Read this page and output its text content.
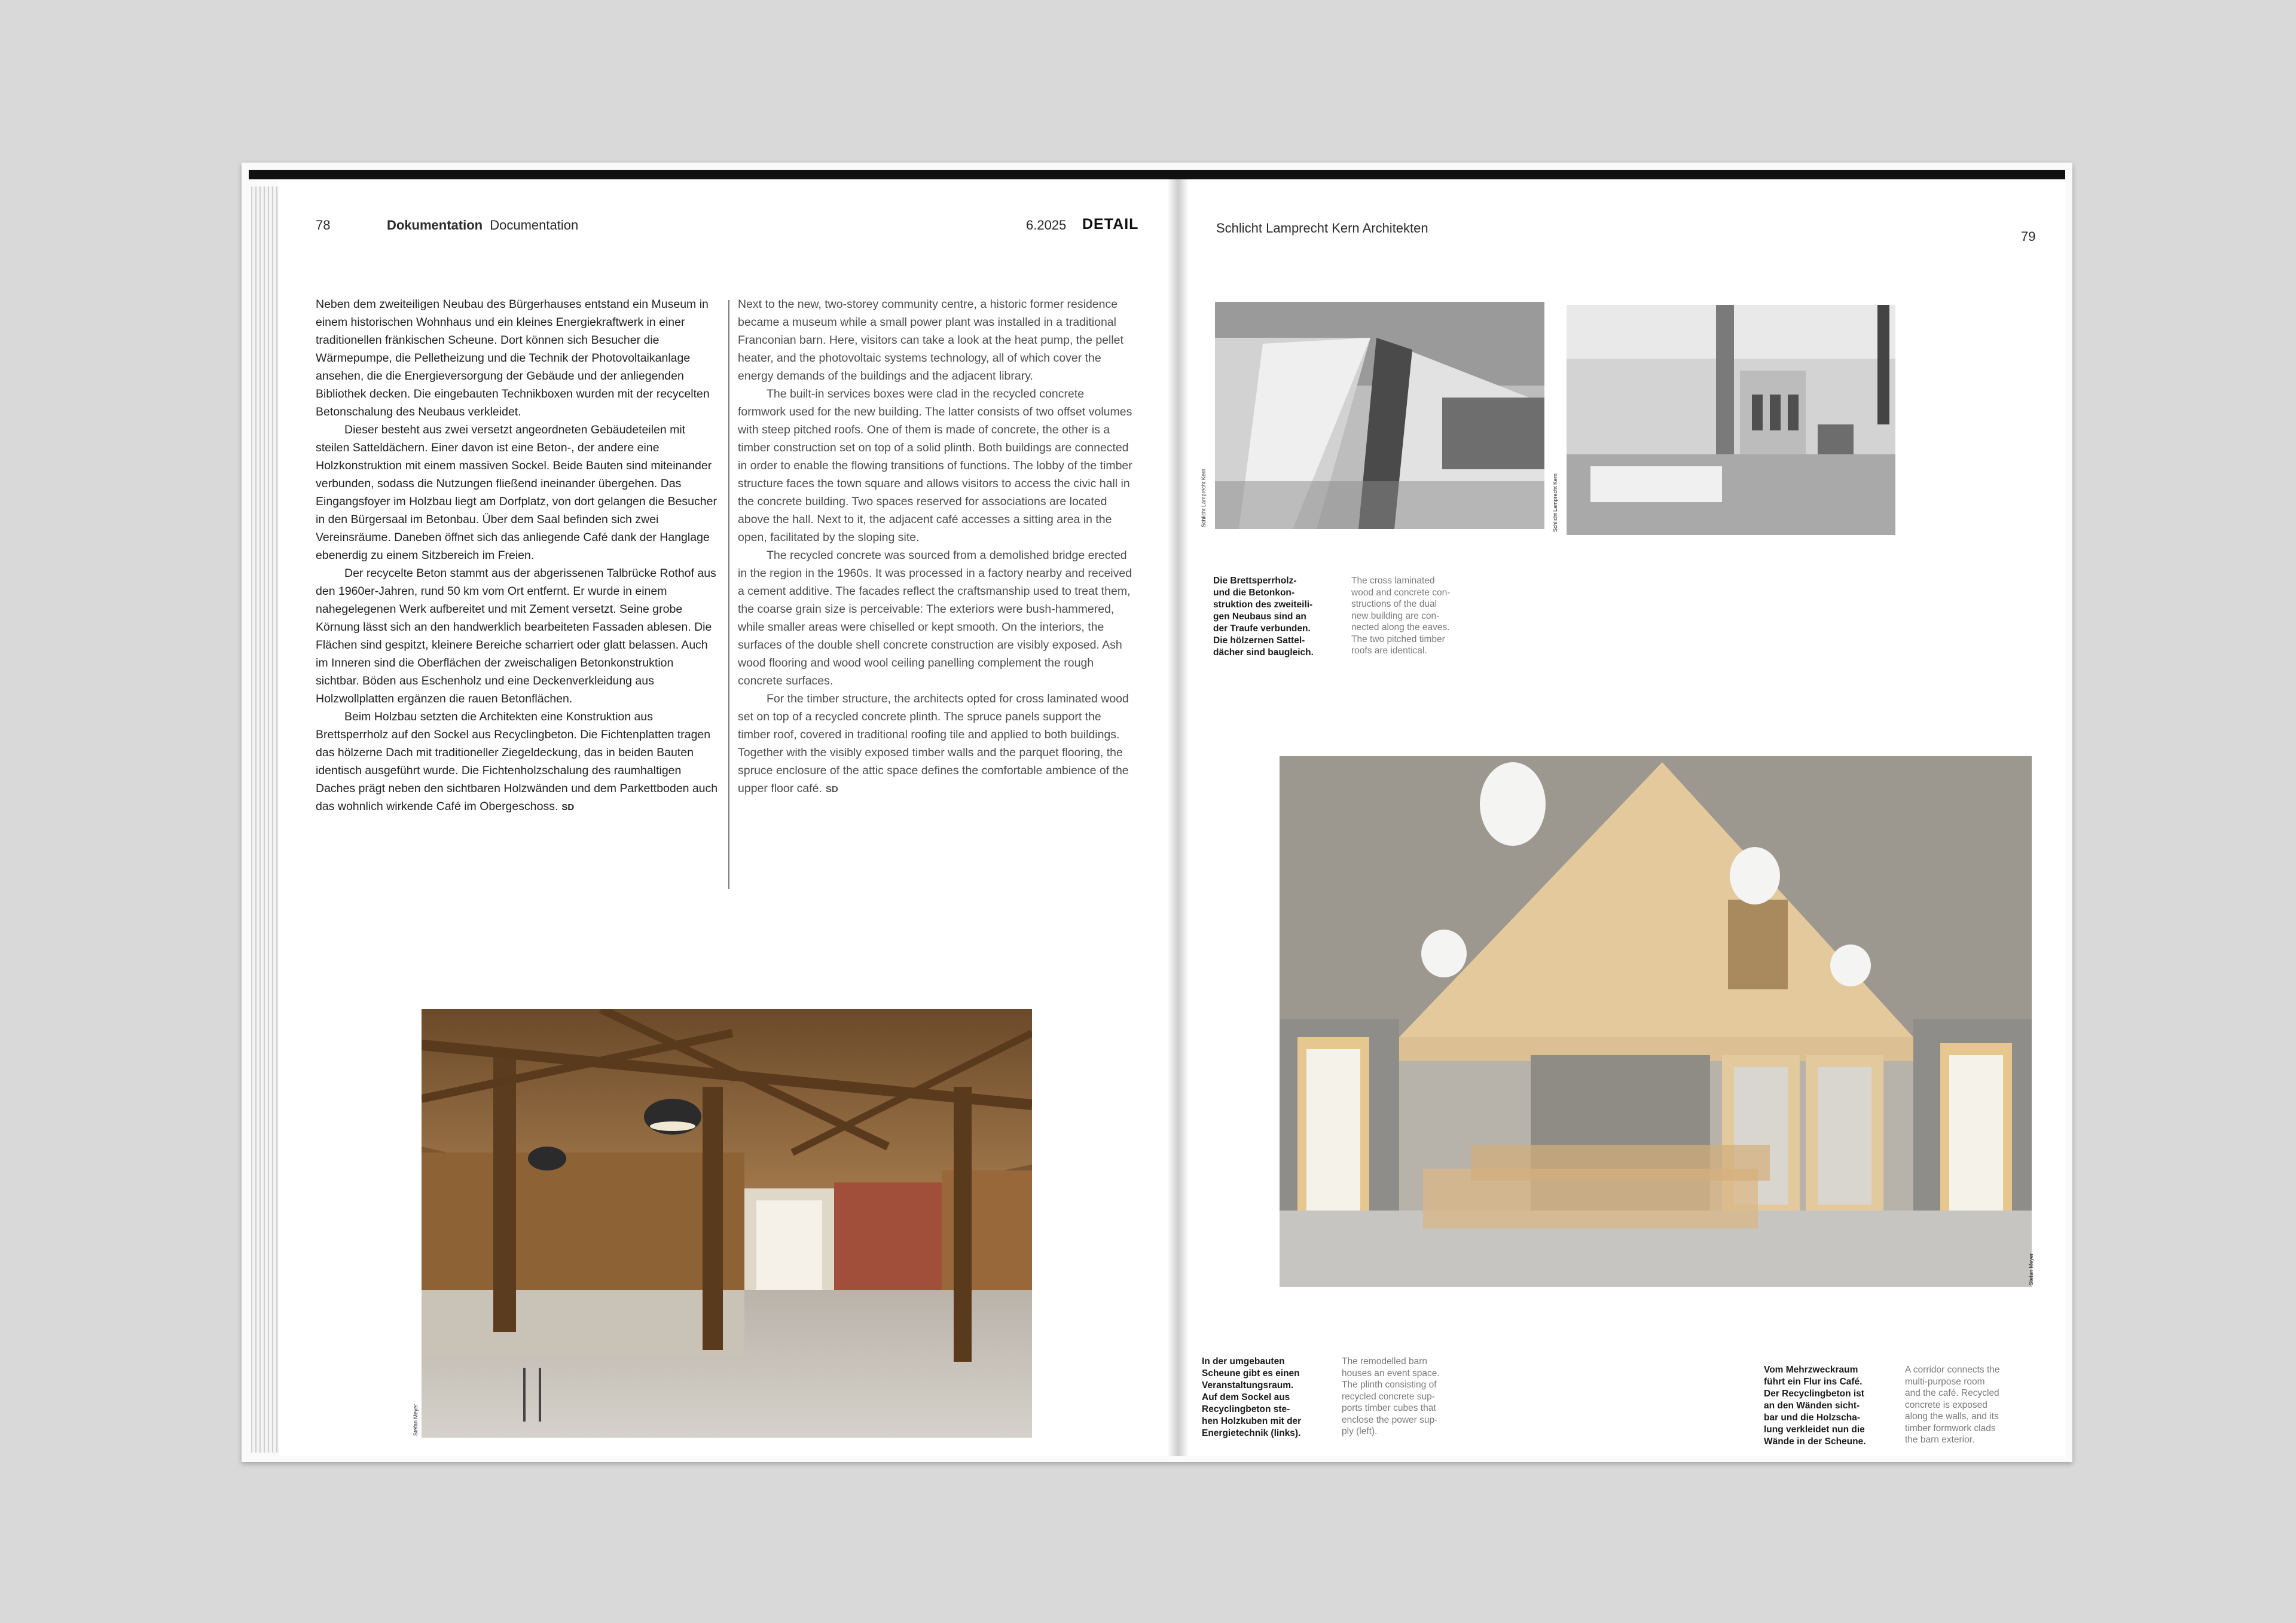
78	Dokumentation Documentation	6.2025 DETAIL

Neben dem zweiteiligen Neubau des Bürgerhauses entstand ein Museum in einem historischen Wohnhaus und ein kleines Energiekraftwerk in einer traditionellen fränkischen Scheune. Dort können sich Besucher die Wärmepumpe, die Pelletheizung und die Technik der Photovoltaikanlage ansehen, die die Energieversorgung der Gebäude und der anliegenden Bibliothek decken. Die eingebauten Technikboxen wurden mit der recycelten Betonschalung des Neubaus verkleidet.

Dieser besteht aus zwei versetzt angeordneten Gebäudeteilen mit steilen Satteldächern. Einer davon ist eine Beton-, der andere eine Holzkonstruktion mit einem massiven Sockel. Beide Bauten sind miteinander verbunden, sodass die Nutzungen fließend ineinander übergehen. Das Eingangsfoyer im Holzbau liegt am Dorfplatz, von dort gelangen die Besucher in den Bürgersaal im Betonbau. Über dem Saal befinden sich zwei Vereinsräume. Daneben öffnet sich das anliegende Café dank der Hanglage ebenerdig zu einem Sitzbereich im Freien.

Der recycelte Beton stammt aus der abgerissenen Talbrücke Rothof aus den 1960er-Jahren, rund 50 km vom Ort entfernt. Er wurde in einem nahegelegenen Werk aufbereitet und mit Zement versetzt. Seine grobe Körnung lässt sich an den handwerklich bearbeiteten Fassaden ablesen. Die Flächen sind gespitzt, kleinere Bereiche scharriert oder glatt belassen. Auch im Inneren sind die Oberflächen der zweischaligen Betonkonstruktion sichtbar. Böden aus Eschenholz und eine Deckenverkleidung aus Holzwollplatten ergänzen die rauen Betonflächen.

Beim Holzbau setzten die Architekten eine Konstruktion aus Brettsperrholz auf den Sockel aus Recyclingbeton. Die Fichtenplatten tragen das hölzerne Dach mit traditioneller Ziegeldeckung, das in beiden Bauten identisch ausgeführt wurde. Die Fichtenholzschalung des raumhaltigen Daches prägt neben den sichtbaren Holzwänden und dem Parkettboden auch das wohnlich wirkende Café im Obergeschoss. SD

Next to the new, two-storey community centre, a historic former residence became a museum while a small power plant was installed in a traditional Franconian barn. Here, visitors can take a look at the heat pump, the pellet heater, and the photovoltaic systems technology, all of which cover the energy demands of the buildings and the adjacent library.

The built-in services boxes were clad in the recycled concrete formwork used for the new building. The latter consists of two offset volumes with steep pitched roofs. One of them is made of concrete, the other is a timber construction set on top of a solid plinth. Both buildings are connected in order to enable the flowing transitions of functions. The lobby of the timber structure faces the town square and allows visitors to access the civic hall in the concrete building. Two spaces reserved for associations are located above the hall. Next to it, the adjacent café accesses a sitting area in the open, facilitated by the sloping site.

The recycled concrete was sourced from a demolished bridge erected in the region in the 1960s. It was processed in a factory nearby and received a cement additive. The facades reflect the craftsmanship used to treat them, the coarse grain size is perceivable: The exteriors were bush-hammered, while smaller areas were chiselled or kept smooth. On the interiors, the surfaces of the double shell concrete construction are visibly exposed. Ash wood flooring and wood wool ceiling panelling complement the rough concrete surfaces.

For the timber structure, the architects opted for cross laminated wood set on top of a recycled concrete plinth. The spruce panels support the timber roof, covered in traditional roofing tile and applied to both buildings. Together with the visibly exposed timber walls and the parquet flooring, the spruce enclosure of the attic space defines the comfortable ambience of the upper floor café. SD

Stefan Meyer
In der umgebauten
Scheune gibt es einen
Veranstaltungsraum.
Auf dem Sockel aus
Recyclingbeton ste-
hen Holzkuben mit der
Energietechnik (links).
The remodelled barn
houses an event space.
The plinth consisting of
recycled concrete sup-
ports timber cubes that
enclose the power sup-
ply (left).
Schlicht Lamprecht Kern Architekten
79
Schlicht Lamprecht Kern	Schlicht Lamprecht Kern
Die Brettsperrholz-
und die Betonkon-
struktion des zweiteili-
gen Neubaus sind an
der Traufe verbunden.
Die hölzernen Sattel-
dächer sind baugleich.
The cross laminated
wood and concrete con-
structions of the dual
new building are con-
nected along the eaves.
The two pitched timber
roofs are identical.
Stefan Meyer
Vom Mehrzweckraum
führt ein Flur ins Café.
Der Recyclingbeton ist
an den Wänden sicht-
bar und die Holzscha-
lung verkleidet nun die
Wände in der Scheune.
A corridor connects the
multi-purpose room
and the café. Recycled
concrete is exposed
along the walls, and its
timber formwork clads
the barn exterior.
